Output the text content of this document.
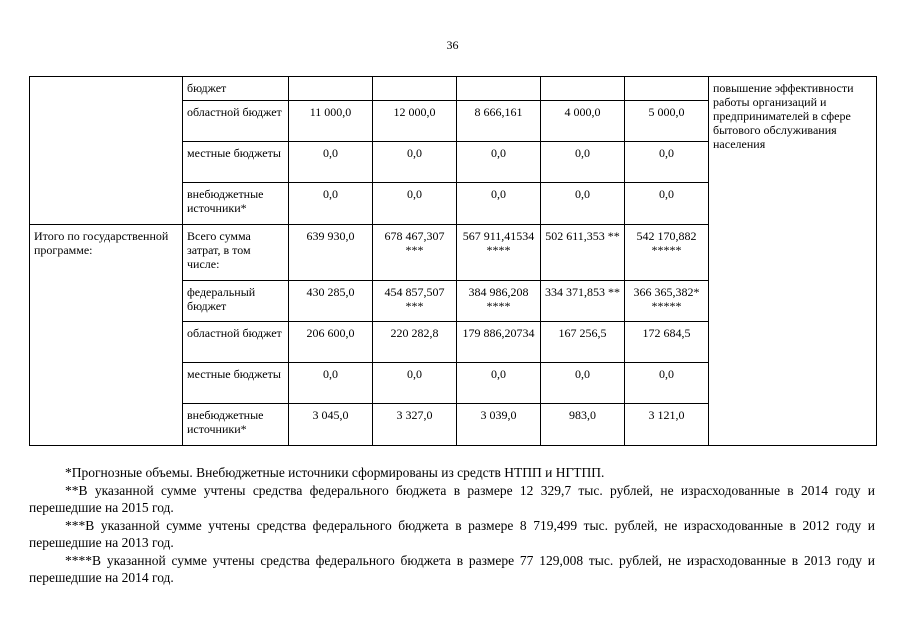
36
	бюджет						повышение эффективности работы организаций и предпринимателей в сфере бытового обслуживания населения
	областной бюджет	11 000,0	12 000,0	8 666,161	4 000,0	5 000,0	
	местные бюджеты	0,0	0,0	0,0	0,0	0,0	
	внебюджетные источники*	0,0	0,0	0,0	0,0	0,0	
Итого по государственной программе:	Всего сумма затрат, в том числе:	639 930,0	678 467,307 ***	567 911,41534 ****	502 611,353 **	542 170,882 *****	
	федеральный бюджет	430 285,0	454 857,507 ***	384 986,208 ****	334 371,853 **	366 365,382* *****	
	областной бюджет	206 600,0	220 282,8	179 886,20734	167 256,5	172 684,5	
	местные бюджеты	0,0	0,0	0,0	0,0	0,0	
	внебюджетные источники*	3 045,0	3 327,0	3 039,0	983,0	3 121,0	

*Прогнозные объемы. Внебюджетные источники сформированы из средств НТПП и НГТПП.

**В указанной сумме учтены средства федерального бюджета в размере 12 329,7 тыс. рублей, не израсходованные в 2014 году и перешедшие на 2015 год.

***В указанной сумме учтены средства федерального бюджета в размере 8 719,499 тыс. рублей, не израсходованные в 2012 году и перешедшие на 2013 год.

****В указанной сумме учтены средства федерального бюджета в размере 77 129,008 тыс. рублей, не израсходованные в 2013 году и перешедшие на 2014 год.
